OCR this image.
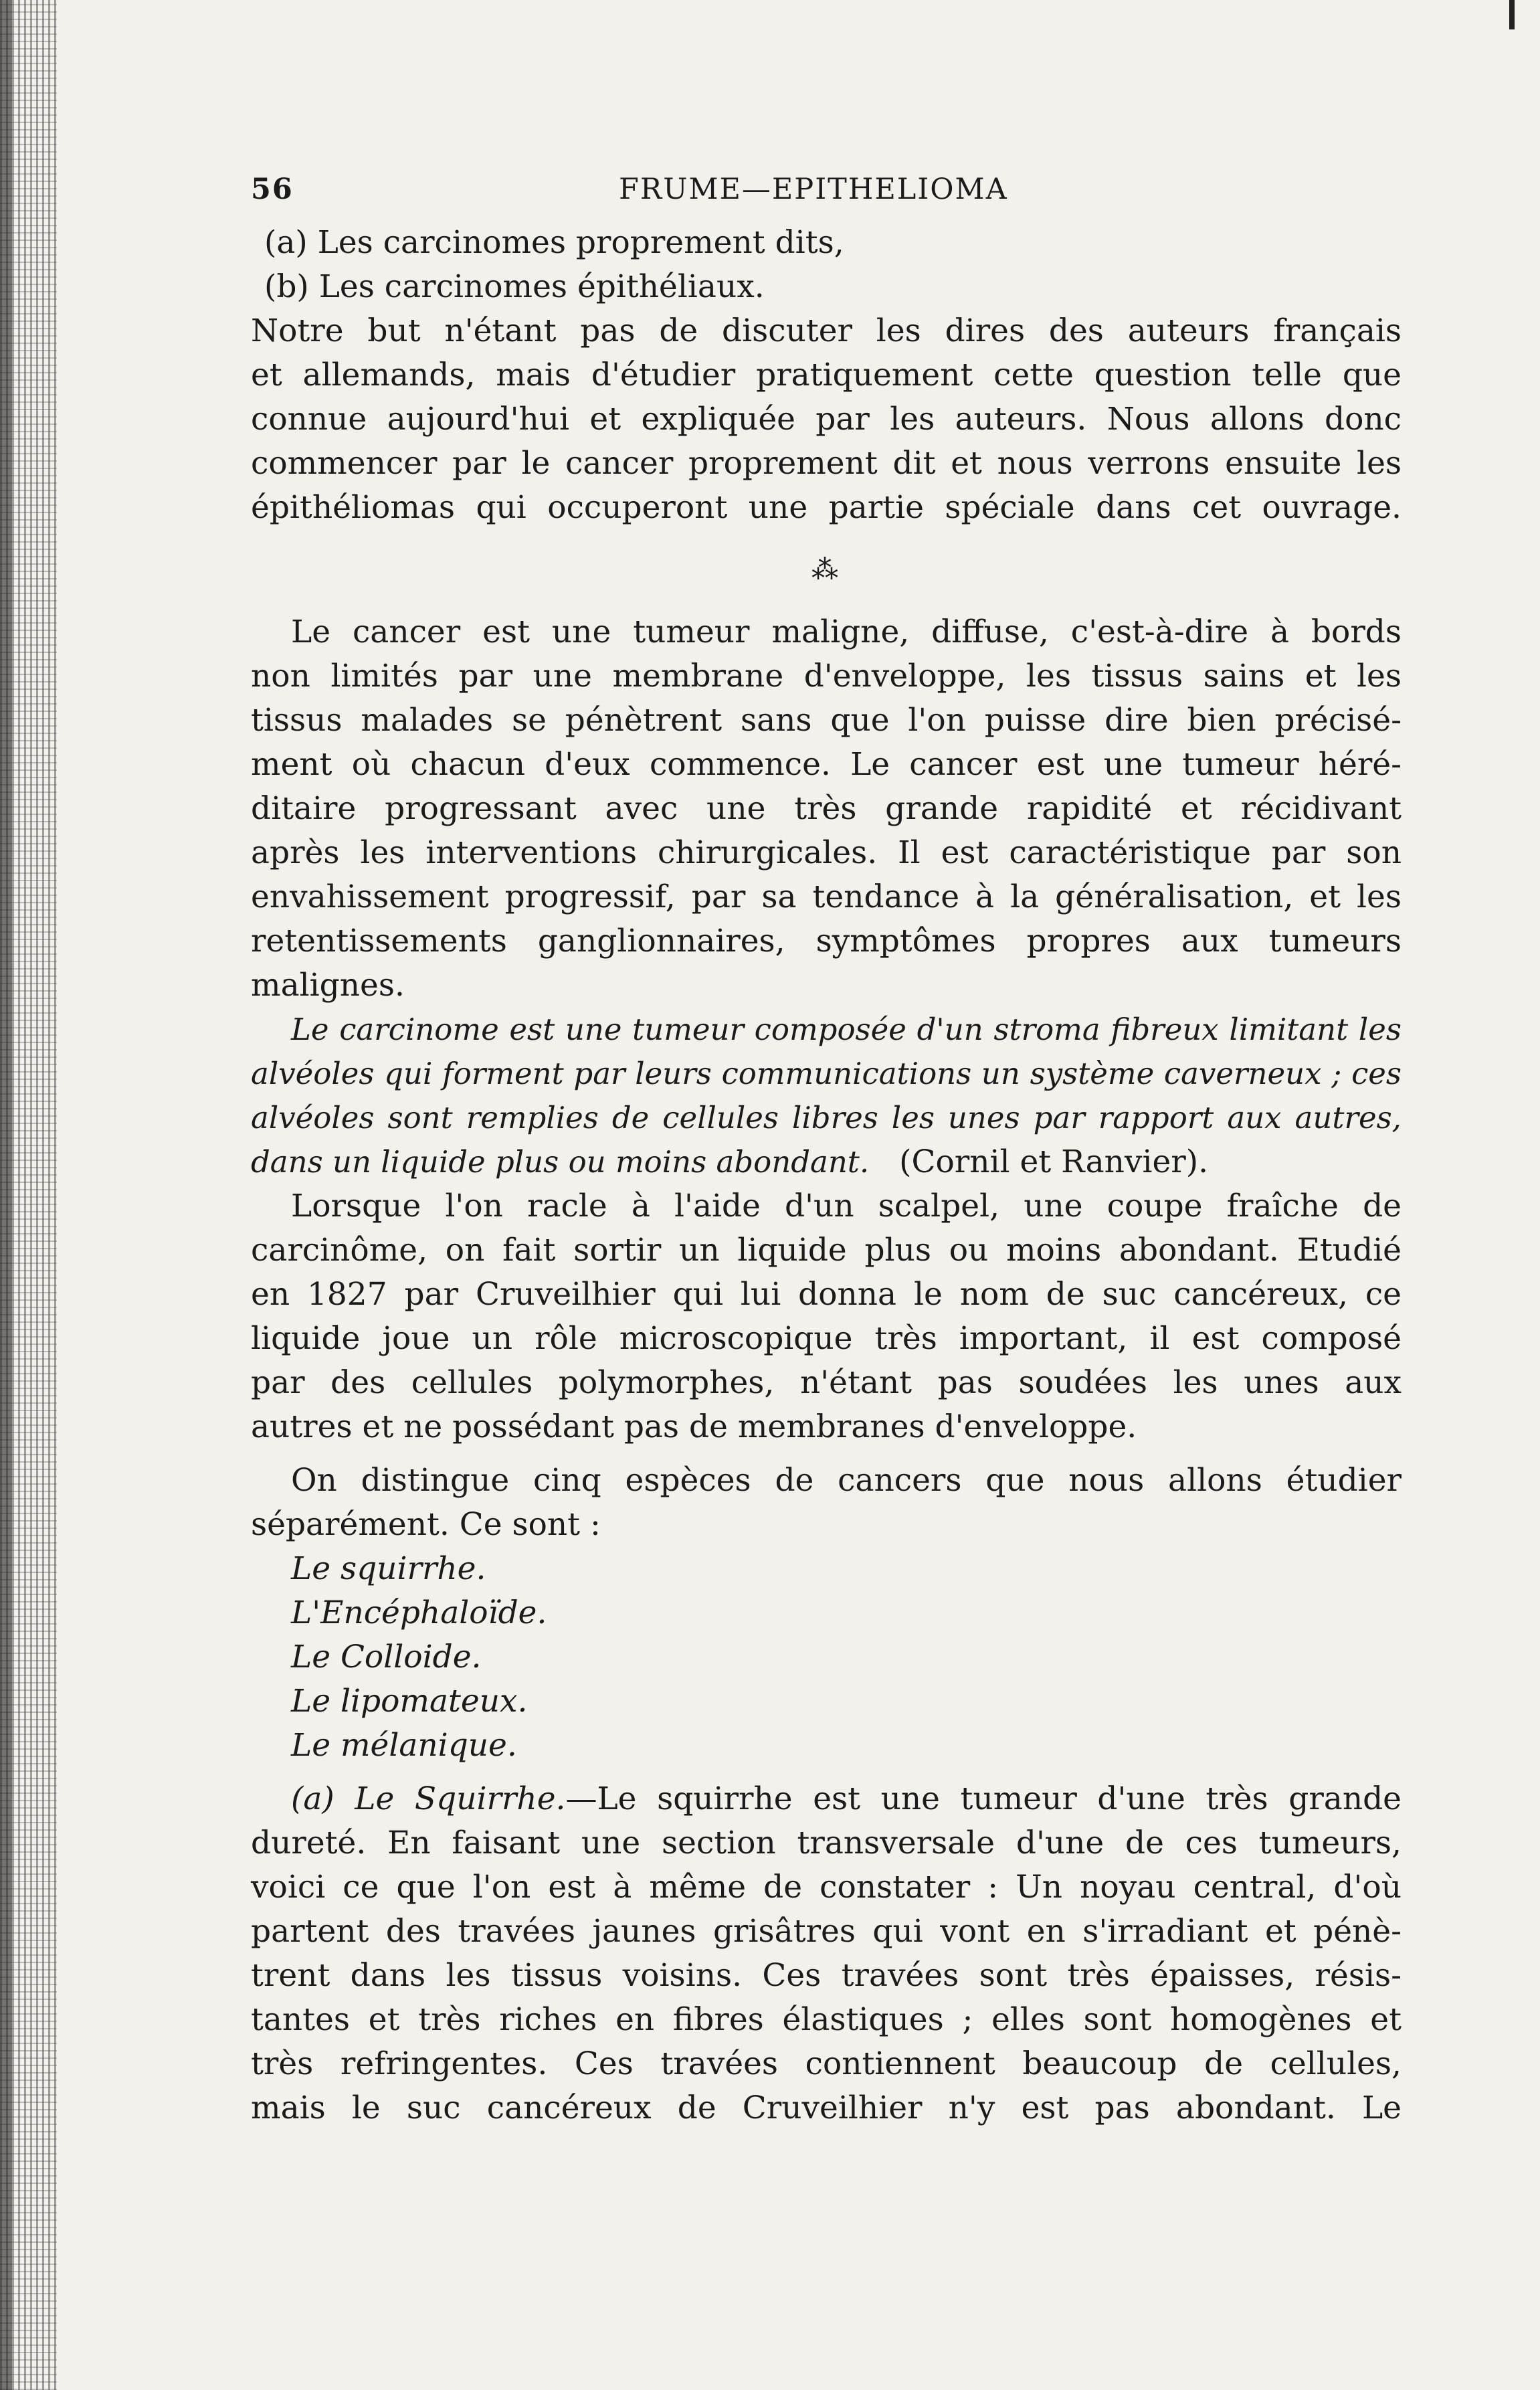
56	FRUME—EPITHELIOMA
(a) Les carcinomes proprement dits,
(b) Les carcinomes épithéliaux.
Notre but n'étant pas de discuter les dires des auteurs français
et allemands, mais d'étudier pratiquement cette question telle que
connue aujourd'hui et expliquée par les auteurs. Nous allons donc
commencer par le cancer proprement dit et nous verrons ensuite les
épithéliomas qui occuperont une partie spéciale dans cet ouvrage.
⁂
Le cancer est une tumeur maligne, diffuse, c'est-à-dire à bords
non limités par une membrane d'enveloppe, les tissus sains et les
tissus malades se pénètrent sans que l'on puisse dire bien précisé-
ment où chacun d'eux commence. Le cancer est une tumeur héré-
ditaire progressant avec une très grande rapidité et récidivant
après les interventions chirurgicales. Il est caractéristique par son
envahissement progressif, par sa tendance à la généralisation, et les
retentissements ganglionnaires, symptômes propres aux tumeurs
malignes.
Le carcinome est une tumeur composée d'un stroma fibreux limitant les
alvéoles qui forment par leurs communications un système caverneux ; ces
alvéoles sont remplies de cellules libres les unes par rapport aux autres,
dans un liquide plus ou moins abondant. (Cornil et Ranvier).
Lorsque l'on racle à l'aide d'un scalpel, une coupe fraîche de
carcinôme, on fait sortir un liquide plus ou moins abondant. Etudié
en 1827 par Cruveilhier qui lui donna le nom de suc cancéreux, ce
liquide joue un rôle microscopique très important, il est composé
par des cellules polymorphes, n'étant pas soudées les unes aux
autres et ne possédant pas de membranes d'enveloppe.
On distingue cinq espèces de cancers que nous allons étudier
séparément. Ce sont :
Le squirrhe.
L'Encéphaloïde.
Le Colloide.
Le lipomateux.
Le mélanique.
(a) Le Squirrhe.—Le squirrhe est une tumeur d'une très grande
dureté. En faisant une section transversale d'une de ces tumeurs,
voici ce que l'on est à même de constater : Un noyau central, d'où
partent des travées jaunes grisâtres qui vont en s'irradiant et pénè-
trent dans les tissus voisins. Ces travées sont très épaisses, résis-
tantes et très riches en fibres élastiques ; elles sont homogènes et
très refringentes. Ces travées contiennent beaucoup de cellules,
mais le suc cancéreux de Cruveilhier n'y est pas abondant. Le
